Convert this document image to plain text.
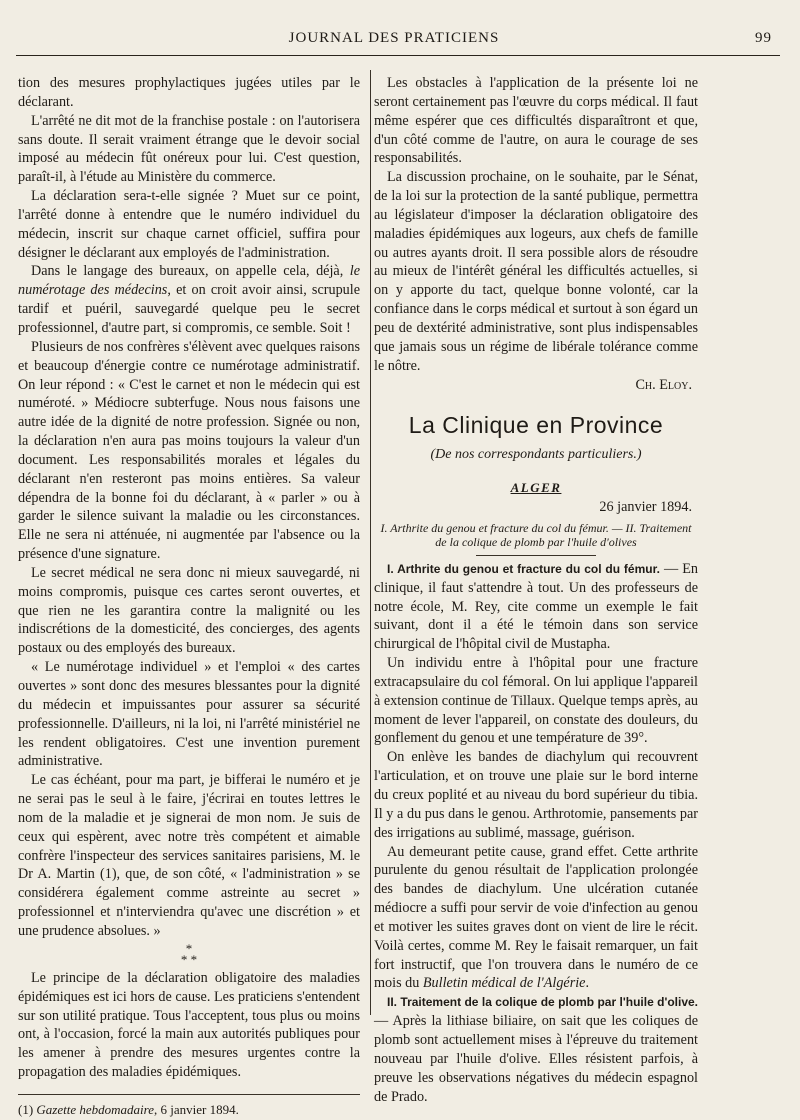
JOURNAL DES PRATICIENS	99

tion des mesures prophylactiques jugées utiles par le déclarant.

L'arrêté ne dit mot de la franchise postale : on l'autorisera sans doute. Il serait vraiment étrange que le devoir social imposé au médecin fût onéreux pour lui. C'est question, paraît-il, à l'étude au Ministère du commerce.

La déclaration sera-t-elle signée ? Muet sur ce point, l'arrêté donne à entendre que le numéro individuel du médecin, inscrit sur chaque carnet officiel, suffira pour désigner le déclarant aux employés de l'administration.

Dans le langage des bureaux, on appelle cela, déjà, le numérotage des médecins, et on croit avoir ainsi, scrupule tardif et puéril, sauvegardé quelque peu le secret professionnel, d'autre part, si compromis, ce semble. Soit !

Plusieurs de nos confrères s'élèvent avec quelques raisons et beaucoup d'énergie contre ce numérotage administratif. On leur répond : « C'est le carnet et non le médecin qui est numéroté. » Médiocre subterfuge. Nous nous faisons une autre idée de la dignité de notre profession. Signée ou non, la déclaration n'en aura pas moins toujours la valeur d'un document. Les responsabilités morales et légales du déclarant n'en resteront pas moins entières. Sa valeur dépendra de la bonne foi du déclarant, à « parler » ou à garder le silence suivant la maladie ou les circonstances. Elle ne sera ni atténuée, ni augmentée par l'absence ou la présence d'une signature.

Le secret médical ne sera donc ni mieux sauvegardé, ni moins compromis, puisque ces cartes seront ouvertes, et que rien ne les garantira contre la malignité ou les indiscrétions de la domesticité, des concierges, des agents postaux ou des employés des bureaux.

« Le numérotage individuel » et l'emploi « des cartes ouvertes » sont donc des mesures blessantes pour la dignité du médecin et impuissantes pour assurer sa sécurité professionnelle. D'ailleurs, ni la loi, ni l'arrêté ministériel ne les rendent obligatoires. C'est une invention purement administrative.

Le cas échéant, pour ma part, je bifferai le numéro et je ne serai pas le seul à le faire, j'écrirai en toutes lettres le nom de la maladie et je signerai de mon nom. Je suis de ceux qui espèrent, avec notre très compétent et aimable confrère l'inspecteur des services sanitaires parisiens, M. le Dr A. Martin (1), que, de son côté, « l'administration » se considérera également comme astreinte au secret » professionnel et n'interviendra qu'avec une discrétion » et une prudence absolues. »

*
* *

Le principe de la déclaration obligatoire des maladies épidémiques est ici hors de cause. Les praticiens s'entendent sur son utilité pratique. Tous l'acceptent, tous plus ou moins ont, à l'occasion, forcé la main aux autorités publiques pour les amener à prendre des mesures urgentes contre la propagation des maladies épidémiques.

(1) Gazette hebdomadaire, 6 janvier 1894.

Les obstacles à l'application de la présente loi ne seront certainement pas l'œuvre du corps médical. Il faut même espérer que ces difficultés disparaîtront et que, d'un côté comme de l'autre, on aura le courage de ses responsabilités.

La discussion prochaine, on le souhaite, par le Sénat, de la loi sur la protection de la santé publique, permettra au législateur d'imposer la déclaration obligatoire des maladies épidémiques aux logeurs, aux chefs de famille ou autres ayants droit. Il sera possible alors de résoudre au mieux de l'intérêt général les difficultés actuelles, si on y apporte du tact, quelque bonne volonté, car la confiance dans le corps médical et surtout à son égard un peu de dextérité administrative, sont plus indispensables que jamais sous un régime de libérale tolérance comme le nôtre.

Ch. Eloy.

La Clinique en Province
(De nos correspondants particuliers.)
ALGER
26 janvier 1894.
I. Arthrite du genou et fracture du col du fémur. — II. Traitement de la colique de plomb par l'huile d'olives

I. Arthrite du genou et fracture du col du fémur. — En clinique, il faut s'attendre à tout. Un des professeurs de notre école, M. Rey, cite comme un exemple le fait suivant, dont il a été le témoin dans son service chirurgical de l'hôpital civil de Mustapha.

Un individu entre à l'hôpital pour une fracture extracapsulaire du col fémoral. On lui applique l'appareil à extension continue de Tillaux. Quelque temps après, au moment de lever l'appareil, on constate des douleurs, du gonflement du genou et une température de 39°.

On enlève les bandes de diachylum qui recouvrent l'articulation, et on trouve une plaie sur le bord interne du creux poplité et au niveau du bord supérieur du tibia. Il y a du pus dans le genou. Arthrotomie, pansements par des irrigations au sublimé, massage, guérison.

Au demeurant petite cause, grand effet. Cette arthrite purulente du genou résultait de l'application prolongée des bandes de diachylum. Une ulcération cutanée médiocre a suffi pour servir de voie d'infection au genou et motiver les suites graves dont on vient de lire le récit. Voilà certes, comme M. Rey le faisait remarquer, un fait fort instructif, que l'on trouvera dans le numéro de ce mois du Bulletin médical de l'Algérie.

II. Traitement de la colique de plomb par l'huile d'olive. — Après la lithiase biliaire, on sait que les coliques de plomb sont actuellement mises à l'épreuve du traitement nouveau par l'huile d'olive. Elles résistent parfois, à preuve les observations négatives du médecin espagnol de Prado.
